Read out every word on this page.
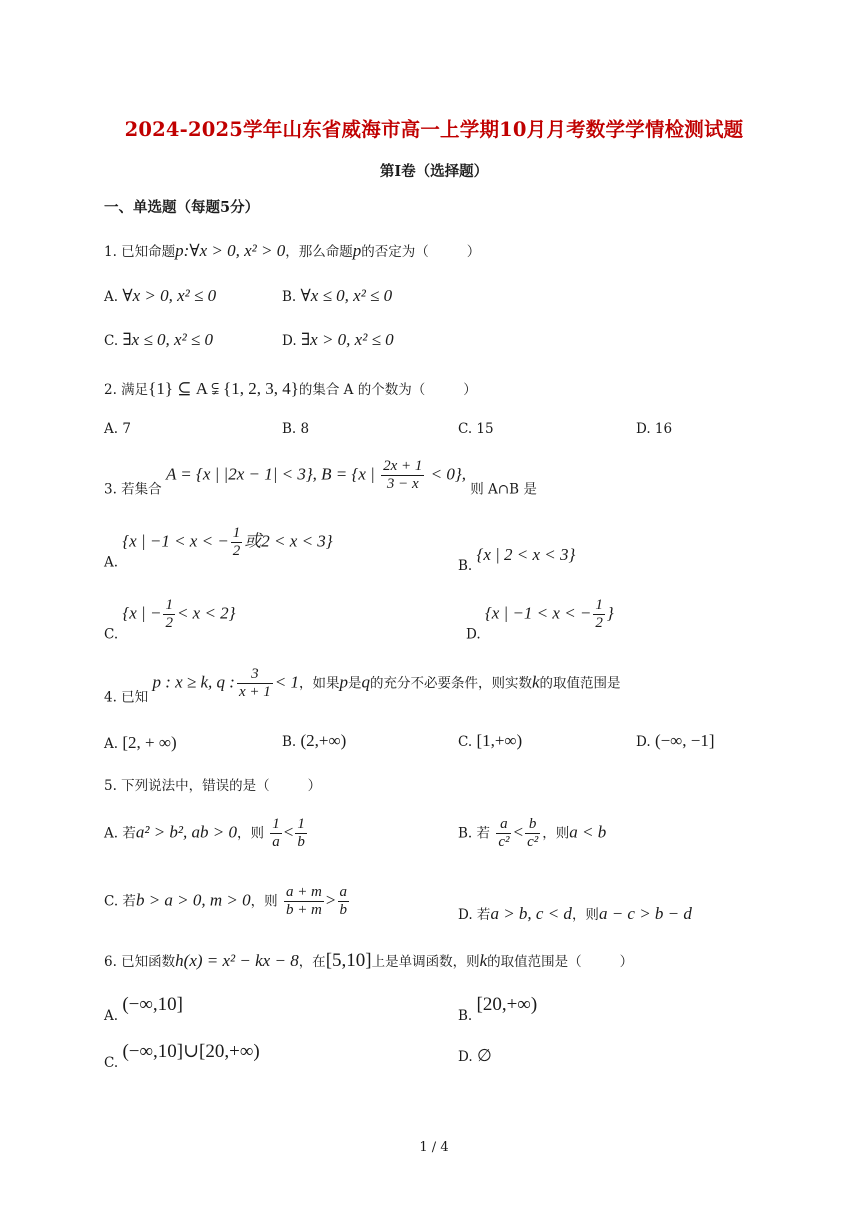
2024-2025学年山东省威海市高一上学期10月月考数学学情检测试题
第Ⅰ卷（选择题）
一、单选题（每题5分）
1. 已知命题p:∀x > 0, x² > 0，那么命题p的否定为（	）
A. ∀x > 0, x² ≤ 0	B. ∀x ≤ 0, x² ≤ 0
C. ∃x ≤ 0, x² ≤ 0	D. ∃x > 0, x² ≤ 0
2. 满足{1} ⊆ A ⫋ {1, 2, 3, 4}的集合 A 的个数为（	）
A. 7	B. 8	C. 15	D. 16
3. 若集合 A = {x | |2x − 1| < 3}, B = {x | $\frac{2x + 1}{3 - x} < 0$}, 则 A∩B 是
A. {x | −1 < x < − $\frac{1}{2}$ 或2 < x < 3}
B. {x | 2 < x < 3}
C. {x | − $\frac{1}{2} < x < 2$}
D. {x | −1 < x < − $\frac{1}{2}$ }
4. 已知 p : x ≥ k, q : $\frac{3}{x + 1} < 1$，如果p是q的充分不必要条件，则实数k的取值范围是
A. [2, + ∞)	B. (2,+∞)	C. [1,+∞)	D. (−∞, −1]
5. 下列说法中，错误的是（	）
A. 若a² > b², ab > 0，则 $\frac{1}{a} < \frac{1}{b}$	B. 若 $\frac{a}{\text{c²}} < \frac{b}{\text{c²}}$ ，则a < b
C. 若b > a > 0, m > 0，则 $\frac{a + m}{b + m} > \frac{a}{b}$	D. 若a > b, c < d，则a − c > b − d
6. 已知函数h(x) = x² − kx − 8，在[5,10]上是单调函数，则k的取值范围是（	）
A. (−∞,10]
B. [20,+∞)
C. (−∞,10]∪[20,+∞)	D. ∅
1 / 4
